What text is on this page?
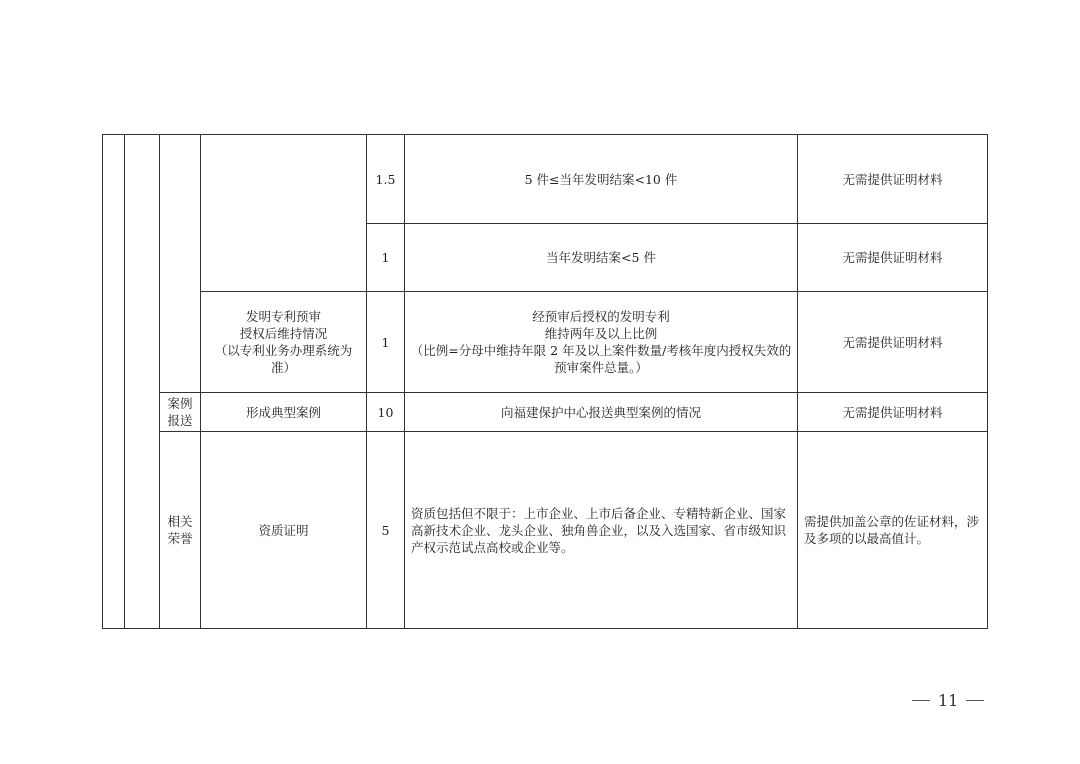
				1.5	5 件≤当年发明结案<10 件	无需提供证明材料
				1	当年发明结案<5 件	无需提供证明材料
			发明专利预审
授权后维持情况
（以专利业务办理系统为
准）	1	经预审后授权的发明专利
维持两年及以上比例
（比例=分母中维持年限 2 年及以上案件数量/考核年度内授权失效的预审案件总量。）	无需提供证明材料
		案例
报送	形成典型案例	10	向福建保护中心报送典型案例的情况	无需提供证明材料
		相关
荣誉	资质证明	5	资质包括但不限于：上市企业、上市后备企业、专精特新企业、国家高新技术企业、龙头企业、独角兽企业，以及入选国家、省市级知识产权示范试点高校或企业等。	需提供加盖公章的佐证材料，涉及多项的以最高值计。
11
